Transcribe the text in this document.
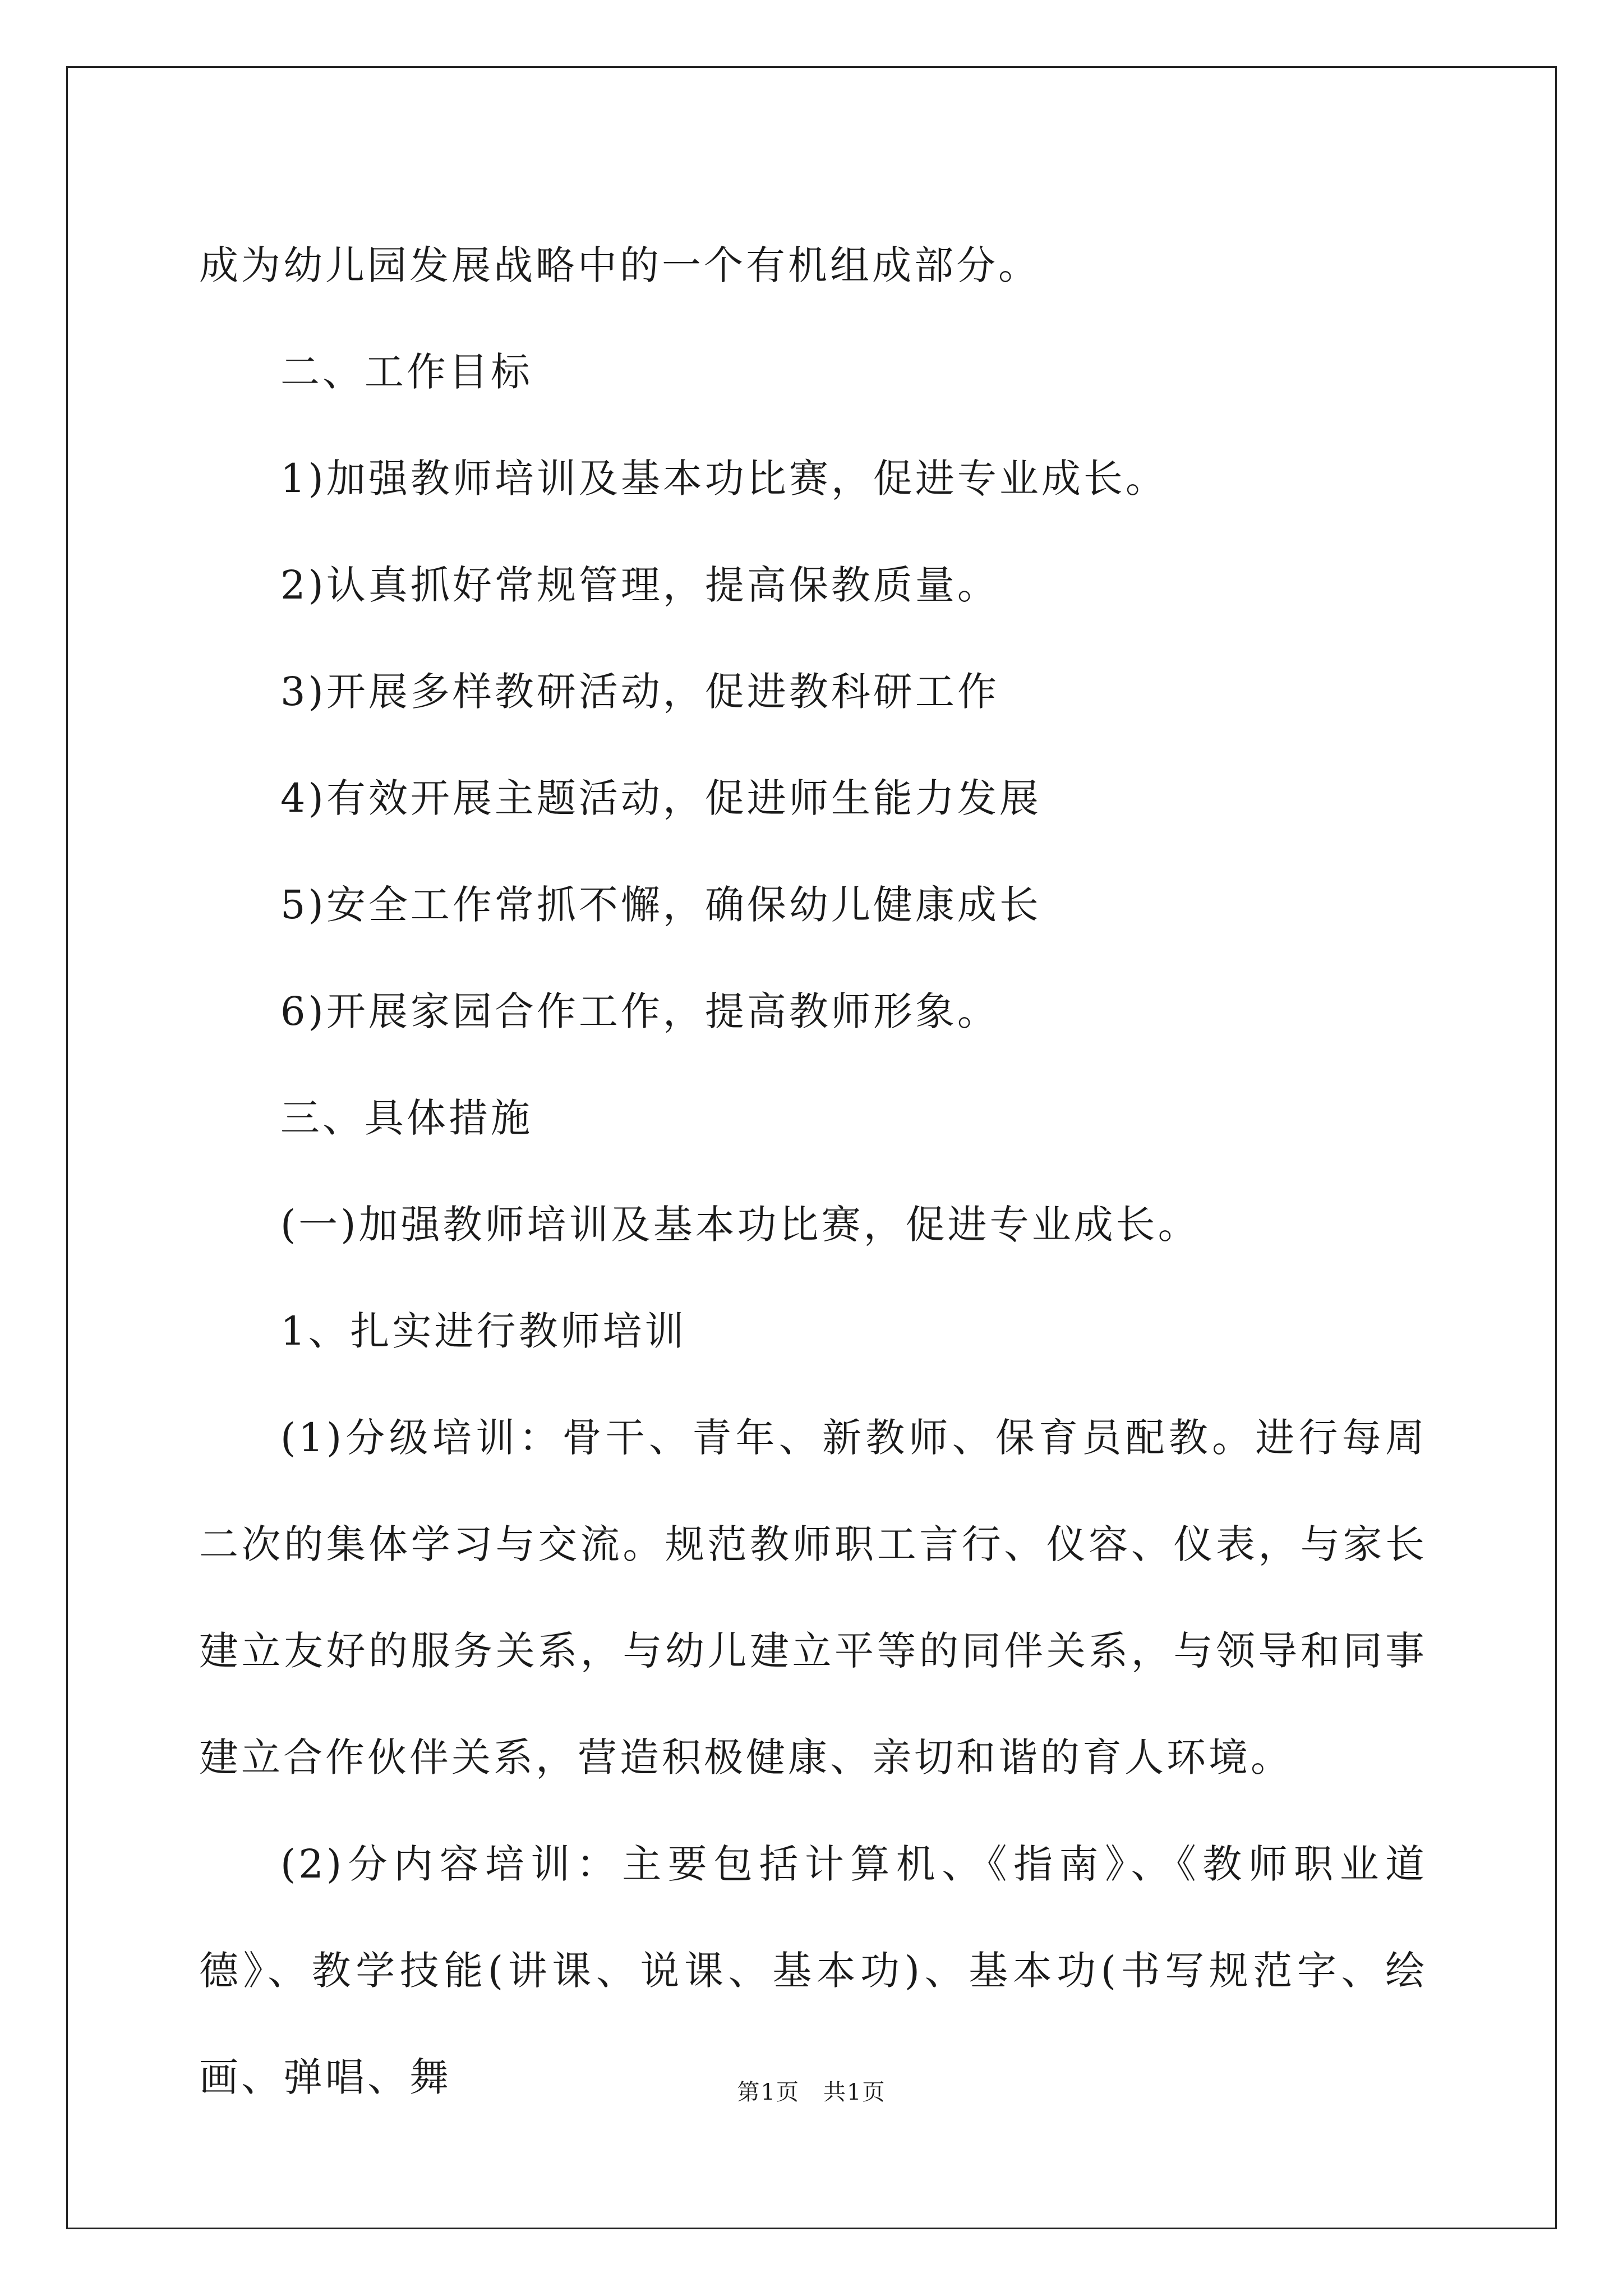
成为幼儿园发展战略中的一个有机组成部分。
二、工作目标
1)加强教师培训及基本功比赛，促进专业成长。
2)认真抓好常规管理，提高保教质量。
3)开展多样教研活动，促进教科研工作
4)有效开展主题活动，促进师生能力发展
5)安全工作常抓不懈，确保幼儿健康成长
6)开展家园合作工作，提高教师形象。
三、具体措施
(一)加强教师培训及基本功比赛，促进专业成长。
1、扎实进行教师培训
(1)分级培训：骨干、青年、新教师、保育员配教。进行每周二次的集体学习与交流。规范教师职工言行、仪容、仪表，与家长建立友好的服务关系，与幼儿建立平等的同伴关系，与领导和同事建立合作伙伴关系，营造积极健康、亲切和谐的育人环境。
(2)分内容培训：主要包括计算机、《指南》、《教师职业道德》、教学技能(讲课、说课、基本功)、基本功(书写规范字、绘画、弹唱、舞	第1页　共1页
